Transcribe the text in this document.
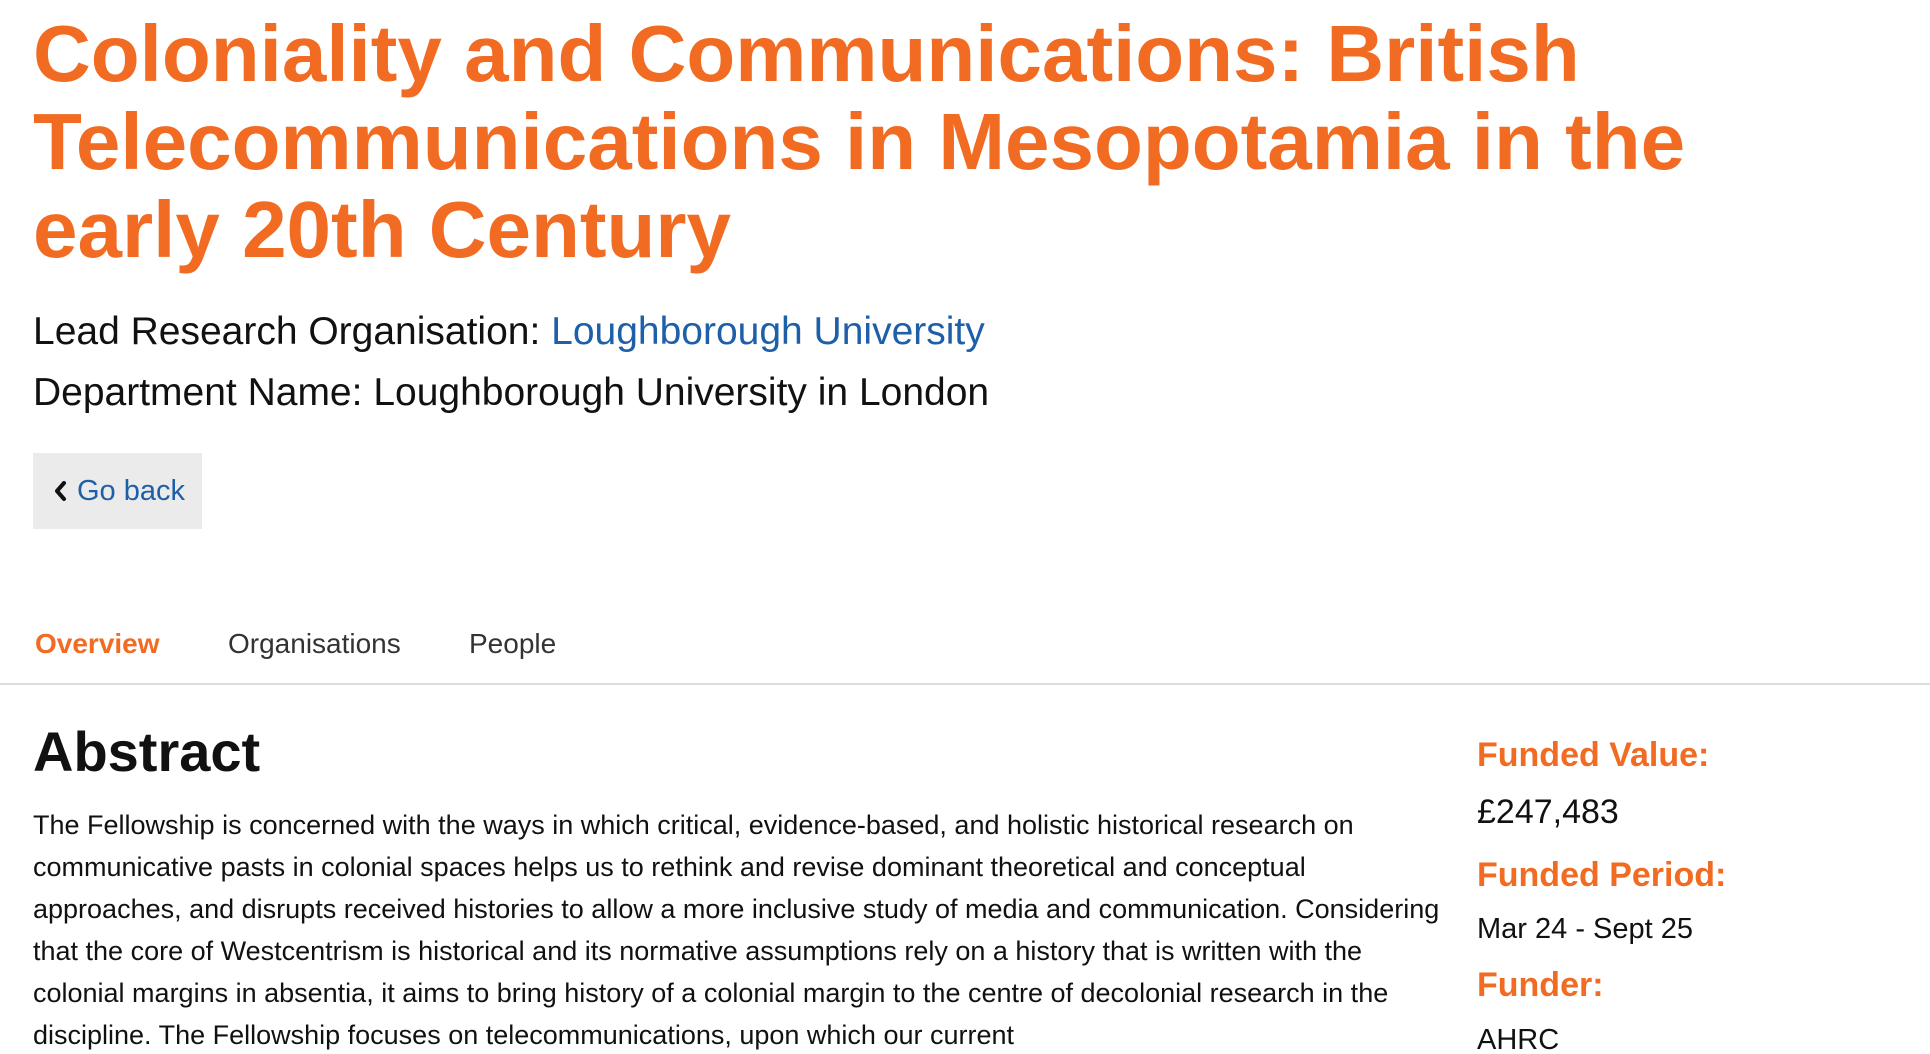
Coloniality and Communications: British Telecommunications in Mesopotamia in the early 20th Century
Lead Research Organisation: Loughborough University
Department Name: Loughborough University in London
Go back
Overview Organisations People
Abstract

The Fellowship is concerned with the ways in which critical, evidence-based, and holistic historical research on communicative pasts in colonial spaces helps us to rethink and revise dominant theoretical and conceptual approaches, and disrupts received histories to allow a more inclusive study of media and communication. Considering that the core of Westcentrism is historical and its normative assumptions rely on a history that is written with the colonial margins in absentia, it aims to bring history of a colonial margin to the centre of decolonial research in the discipline. The Fellowship focuses on telecommunications, upon which our current

Funded Value:

£247,483

Funded Period:

Mar 24 - Sept 25

Funder:

AHRC
